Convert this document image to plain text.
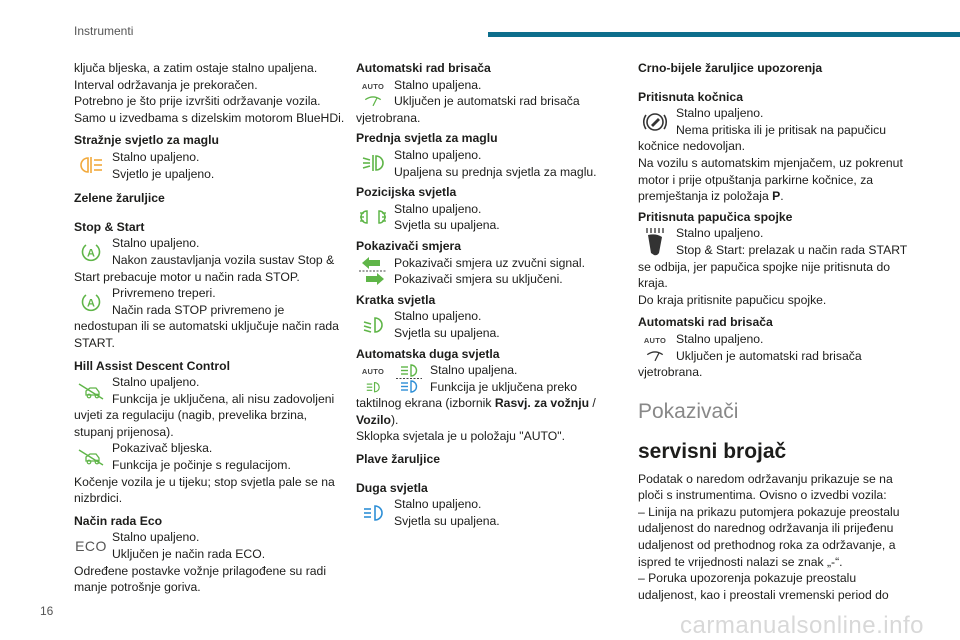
Instrumenti

ključa bljeska, a zatim ostaje stalno upaljena.

Interval održavanja je prekoračen.

Potrebno je što prije izvršiti održavanje vozila.

Samo u izvedbama s dizelskim motorom BlueHDi.

Stražnje svjetlo za maglu

Stalno upaljeno.

Svjetlo je upaljeno.

Zelene žaruljice
Stop & Start
A

Stalno upaljeno.

Nakon zaustavljanja vozila sustav Stop & Start prebacuje motor u način rada STOP.

A

Privremeno treperi.

Način rada STOP privremeno je nedostupan ili se automatski uključuje način rada START.

Hill Assist Descent Control

Stalno upaljeno.

Funkcija je uključena, ali nisu zadovoljeni uvjeti za regulaciju (nagib, prevelika brzina, stupanj prijenosa).

Pokazivač bljeska.

Funkcija je počinje s regulacijom.

Kočenje vozila je u tijeku; stop svjetla pale se na nizbrdici.

Način rada Eco
ECO

Stalno upaljeno.

Uključen je način rada ECO.

Određene postavke vožnje prilagođene su radi manje potrošnje goriva.

Automatski rad brisača
AUTO Stalno upaljena.

Uključen je automatski rad brisača vjetrobrana.

Prednja svjetla za maglu

Stalno upaljeno.

Upaljena su prednja svjetla za maglu.

Pozicijska svjetla

Stalno upaljeno.

Svjetla su upaljena.

Pokazivači smjera

Pokazivači smjera uz zvučni signal.

Pokazivači smjera su uključeni.

Kratka svjetla

Stalno upaljeno.

Svjetla su upaljena.

Automatska duga svjetla
AUTO	Stalno upaljena.

Funkcija je uključena preko taktilnog ekrana (izbornik Rasvj. za vožnju / Vozilo).

Sklopka svjetala je u položaju "AUTO".

Plave žaruljice
Duga svjetla

Stalno upaljeno.

Svjetla su upaljena.

Crno-bijele žaruljice upozorenja
Pritisnuta kočnica

Stalno upaljeno.

Nema pritiska ili je pritisak na papučicu kočnice nedovoljan.

Na vozilu s automatskim mjenjačem, uz pokrenut motor i prije otpuštanja parkirne kočnice, za premještanja iz položaja P.

Pritisnuta papučica spojke

Stalno upaljeno.

Stop & Start: prelazak u način rada START se odbija, jer papučica spojke nije pritisnuta do kraja.

Do kraja pritisnite papučicu spojke.

Automatski rad brisača
AUTO Stalno upaljeno.

Uključen je automatski rad brisača vjetrobrana.

Pokazivači
servisni brojač

Podatak o naredom održavanju prikazuje se na ploči s instrumentima. Ovisno o izvedbi vozila:

– Linija na prikazu putomjera pokazuje preostalu udaljenost do narednog održavanja ili prijeđenu udaljenost od prethodnog roka za održavanje, a ispred te vrijednosti nalazi se znak „-“.

– Poruka upozorenja pokazuje preostalu udaljenost, kao i preostali vremenski period do

16
carmanualsonline.info
